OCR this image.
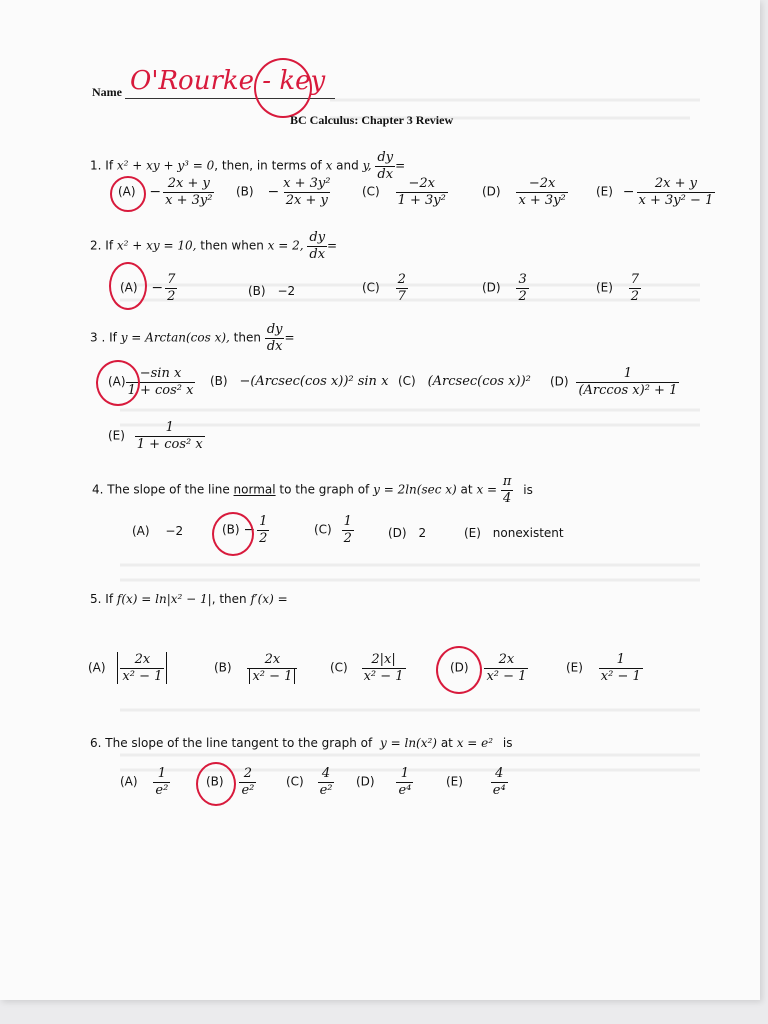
Name O'Rourke - key
BC Calculus: Chapter 3 Review
1. If x² + xy + y³ = 0, then, in terms of x and y, $\frac{dy}{dx}$ =
$(A) - \frac{2x + y}{\text{x + 3y²}} (B) - \frac{\text{x + 3y²}}{2x + y} (C) \frac{-2x}{\text{1 + 3y²}}$	$(D) \frac{-2x}{\text{x + 3y²}} (E) - \frac{2x + y}{\text{x + 3y² − 1}}$
2. If x² + xy = 10, then when x = 2, $\frac{dy}{dx}$ =
$(A) - \frac{7}{2}$	(B) −2	$(C) \frac{2}{7}$	$(D) \frac{3}{2}$	$(E) \frac{7}{2}$
3 . If y = Arctan(cos x), then $\frac{dy}{dx}$ =
$(A) \frac{\text{−sin x}}{\text{1 + cos² x}} (B) -(Arcsec(\cos$ x))² sin x (C) (Arcsec(cos x))² $(D) \frac{1}{\text{(Arccos x)² + 1}}$
$(E) \frac{1}{\text{1 + cos² x}}$
4. The slope of the line normal to the graph of y = 2ln(sec x) at $x = \frac{\pi}{4}$ is
(A) −2	$(B) - \frac{1}{2}$	$(C) \frac{1}{2}$	(D) 2	(E) nonexistent
5. If f(x) = ln|x² − 1|, then f′(x) =
$(A) \frac{2x}{\text{x² − 1}}$	$(B) \frac{2x}{\text{x² − 1}}$	$(C) \frac{2|x|}{\text{x² − 1}}$	$(D) \frac{2x}{\text{x² − 1}}$	$(E) \frac{1}{\text{x² − 1}}$
6. The slope of the line tangent to the graph of y = ln(x²) at x = e² is
$(A) \frac{1}{\text{e²}}$	$(B) \frac{2}{\text{e²}} (C) \frac{4}{\text{e²}} (D) \frac{1}{\text{e⁴}}$	$(E) \frac{4}{\text{e⁴}}$
